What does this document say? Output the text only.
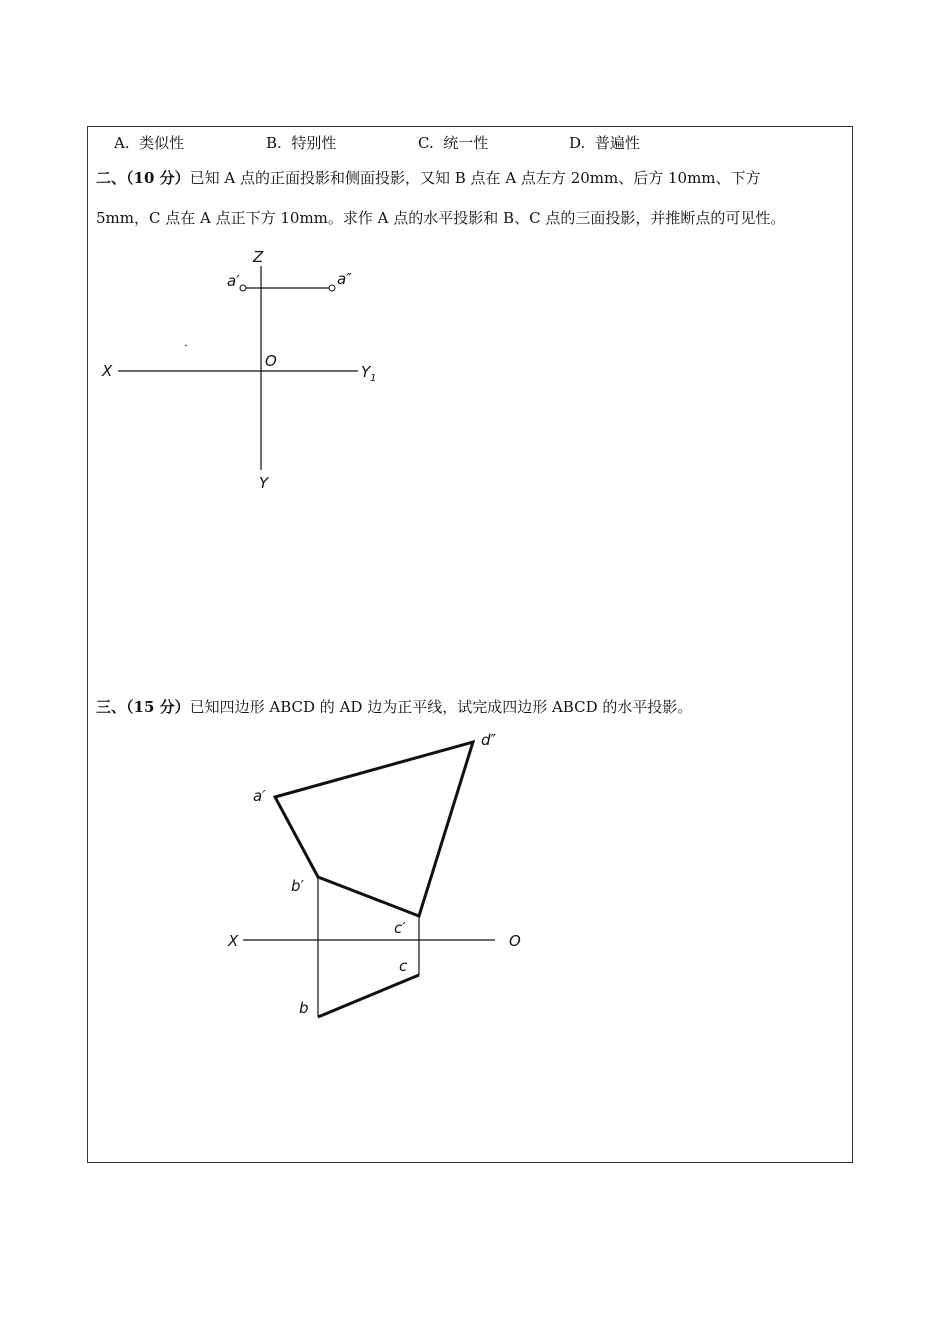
A. 类似性	B. 特别性	C. 统一性	D. 普遍性
二、（10 分）已知 A 点的正面投影和侧面投影，又知 B 点在 A 点左方 20mm、后方 10mm、下方
5mm，C 点在 A 点正下方 10mm。求作 A 点的水平投影和 B、C 点的三面投影，并推断点的可见性。
Z
X
O
$Y_1$
Y
a′	a″
三、（15 分）已知四边形 ABCD 的 AD 边为正平线，试完成四边形 ABCD 的水平投影。
a′
d″
b′
c′
c
b
X	O
